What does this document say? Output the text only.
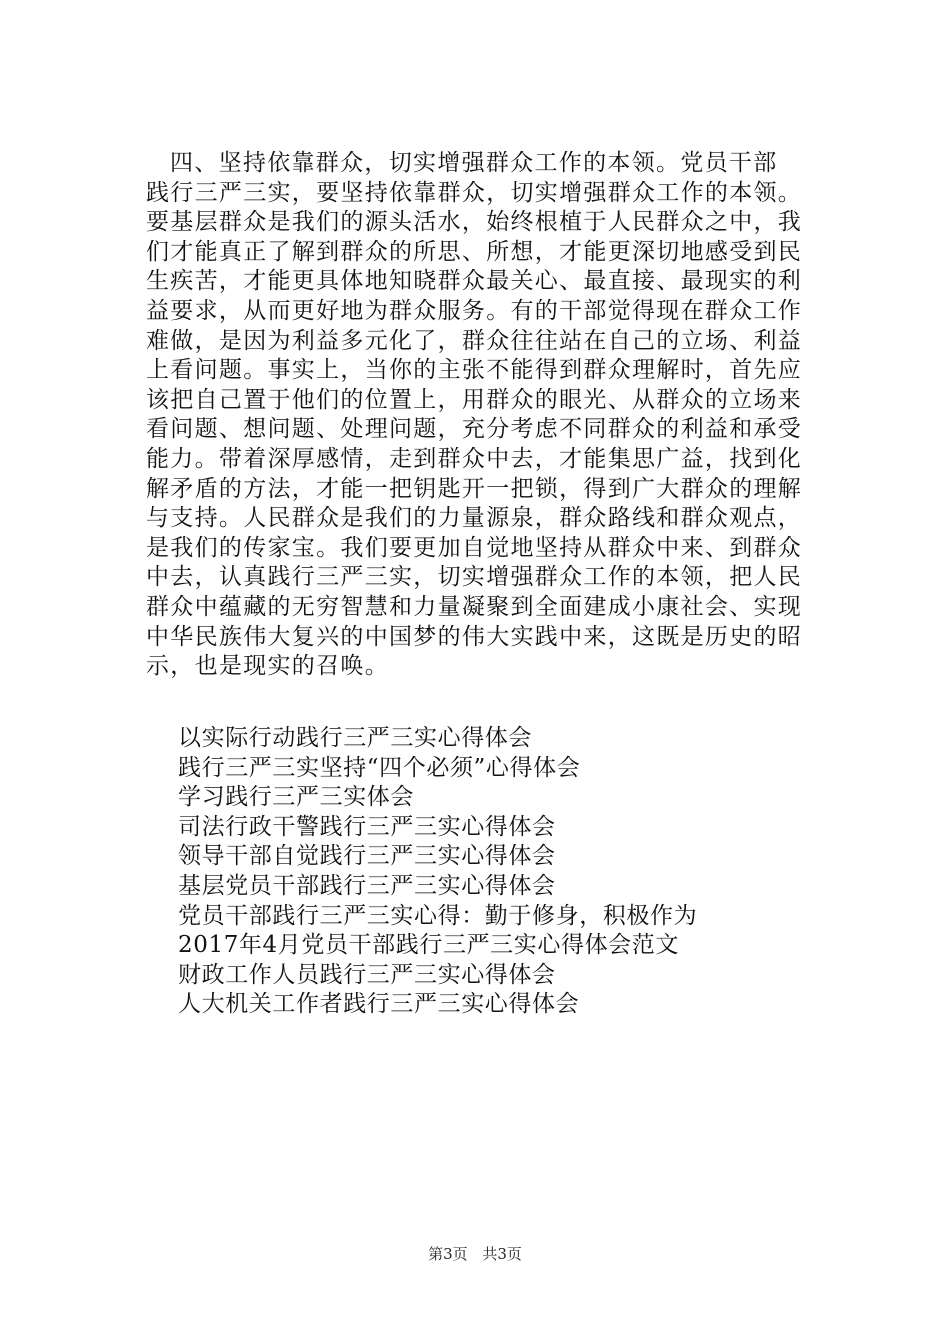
四、坚持依靠群众，切实增强群众工作的本领。党员干部
践行三严三实，要坚持依靠群众，切实增强群众工作的本领。
要基层群众是我们的源头活水，始终根植于人民群众之中，我
们才能真正了解到群众的所思、所想，才能更深切地感受到民
生疾苦，才能更具体地知晓群众最关心、最直接、最现实的利
益要求，从而更好地为群众服务。有的干部觉得现在群众工作
难做，是因为利益多元化了，群众往往站在自己的立场、利益
上看问题。事实上，当你的主张不能得到群众理解时，首先应
该把自己置于他们的位置上，用群众的眼光、从群众的立场来
看问题、想问题、处理问题，充分考虑不同群众的利益和承受
能力。带着深厚感情，走到群众中去，才能集思广益，找到化
解矛盾的方法，才能一把钥匙开一把锁，得到广大群众的理解
与支持。人民群众是我们的力量源泉，群众路线和群众观点，
是我们的传家宝。我们要更加自觉地坚持从群众中来、到群众
中去，认真践行三严三实，切实增强群众工作的本领，把人民
群众中蕴藏的无穷智慧和力量凝聚到全面建成小康社会、实现
中华民族伟大复兴的中国梦的伟大实践中来，这既是历史的昭
示，也是现实的召唤。
以实际行动践行三严三实心得体会
践行三严三实坚持“四个必须”心得体会
学习践行三严三实体会
司法行政干警践行三严三实心得体会
领导干部自觉践行三严三实心得体会
基层党员干部践行三严三实心得体会
党员干部践行三严三实心得：勤于修身，积极作为
2017年4月党员干部践行三严三实心得体会范文
财政工作人员践行三严三实心得体会
人大机关工作者践行三严三实心得体会
第3页 共3页
